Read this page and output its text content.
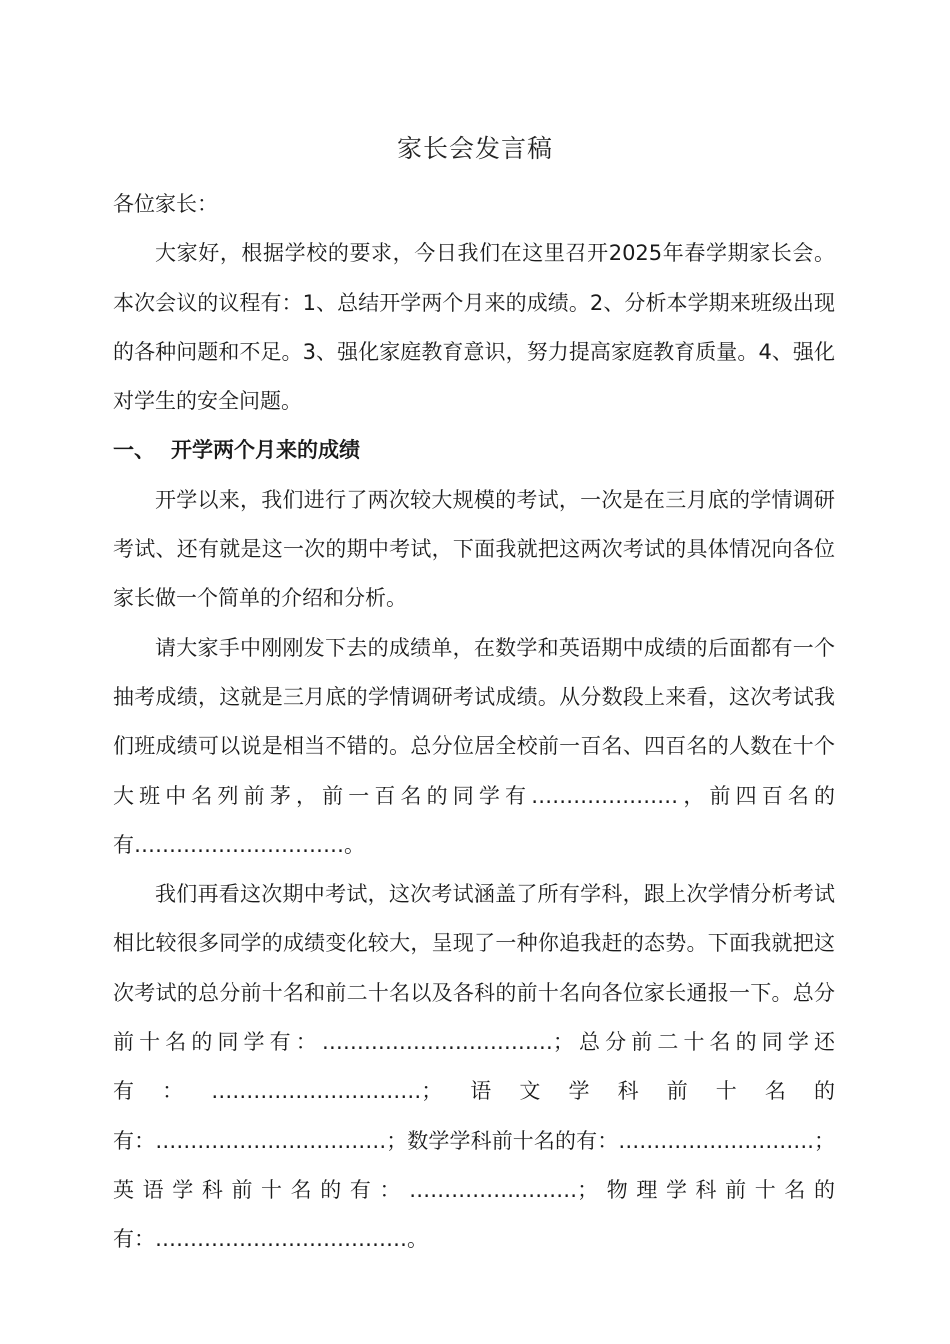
家长会发言稿
各位家长：

大家好，根据学校的要求，今日我们在这里召开2025年春学期家长会。本次会议的议程有：1、总结开学两个月来的成绩。2、分析本学期来班级出现的各种问题和不足。3、强化家庭教育意识，努力提高家庭教育质量。4、强化对学生的安全问题。

一、 开学两个月来的成绩

开学以来，我们进行了两次较大规模的考试，一次是在三月底的学情调研考试、还有就是这一次的期中考试，下面我就把这两次考试的具体情况向各位家长做一个简单的介绍和分析。

请大家手中刚刚发下去的成绩单，在数学和英语期中成绩的后面都有一个抽考成绩，这就是三月底的学情调研考试成绩。从分数段上来看，这次考试我们班成绩可以说是相当不错的。总分位居全校前一百名、四百名的人数在十个大班中名列前茅，前一百名的同学有…………………，前四百名的有…………………………。

我们再看这次期中考试，这次考试涵盖了所有学科，跟上次学情分析考试相比较很多同学的成绩变化较大，呈现了一种你追我赶的态势。下面我就把这次考试的总分前十名和前二十名以及各科的前十名向各位家长通报一下。总分前十名的同学有：……………………………；总分前二十名的同学还有：…………………………；语文学科前十名的有：……………………………；数学学科前十名的有：……………………….；英语学科前十名的有：……………………；物理学科前十名的有：………………………………。
